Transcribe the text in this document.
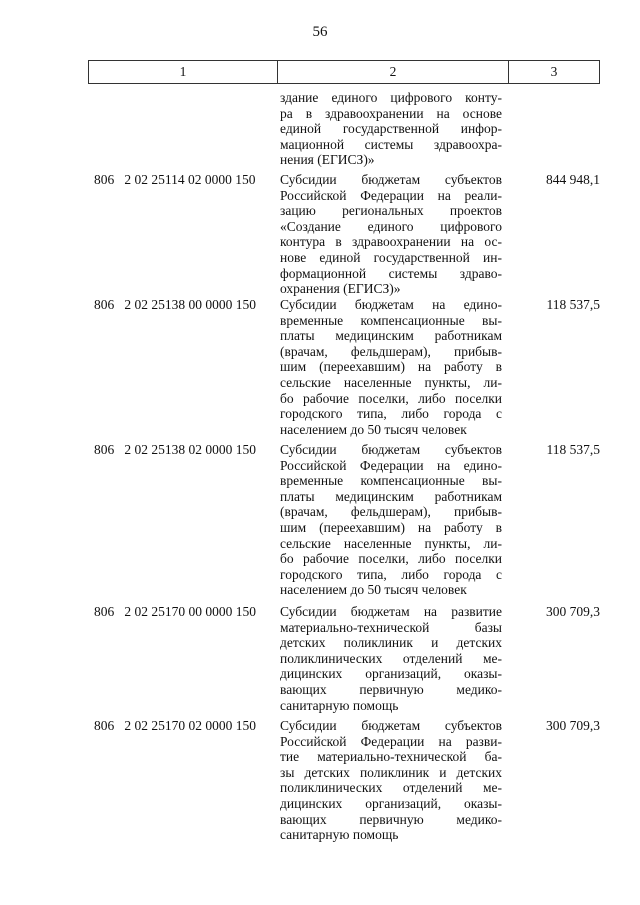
56
1	2	3
здание единого цифрового конту-
ра в здравоохранении на основе
единой государственной инфор-
мационной системы здравоохра-
нения (ЕГИСЗ)»
806   2 02 25114 02 0000 150 Субсидии бюджетам субъектов
Российской Федерации на реали-
зацию региональных проектов
«Создание единого цифрового
контура в здравоохранении на ос-
нове единой государственной ин-
формационной системы здраво-
охранения (ЕГИСЗ)»
844 948,1
806   2 02 25138 00 0000 150 Субсидии бюджетам на едино-
временные компенсационные вы-
платы медицинским работникам
(врачам, фельдшерам), прибыв-
шим (переехавшим) на работу в
сельские населенные пункты, ли-
бо рабочие поселки, либо поселки
городского типа, либо города с
населением до 50 тысяч человек
118 537,5
806   2 02 25138 02 0000 150 Субсидии бюджетам субъектов
Российской Федерации на едино-
временные компенсационные вы-
платы медицинским работникам
(врачам, фельдшерам), прибыв-
шим (переехавшим) на работу в
сельские населенные пункты, ли-
бо рабочие поселки, либо поселки
городского типа, либо города с
населением до 50 тысяч человек
118 537,5
806   2 02 25170 00 0000 150 Субсидии бюджетам на развитие
материально-технической базы
детских поликлиник и детских
поликлинических отделений ме-
дицинских организаций, оказы-
вающих первичную медико-
санитарную помощь
300 709,3
806   2 02 25170 02 0000 150 Субсидии бюджетам субъектов
Российской Федерации на разви-
тие материально-технической ба-
зы детских поликлиник и детских
поликлинических отделений ме-
дицинских организаций, оказы-
вающих первичную медико-
санитарную помощь
300 709,3
